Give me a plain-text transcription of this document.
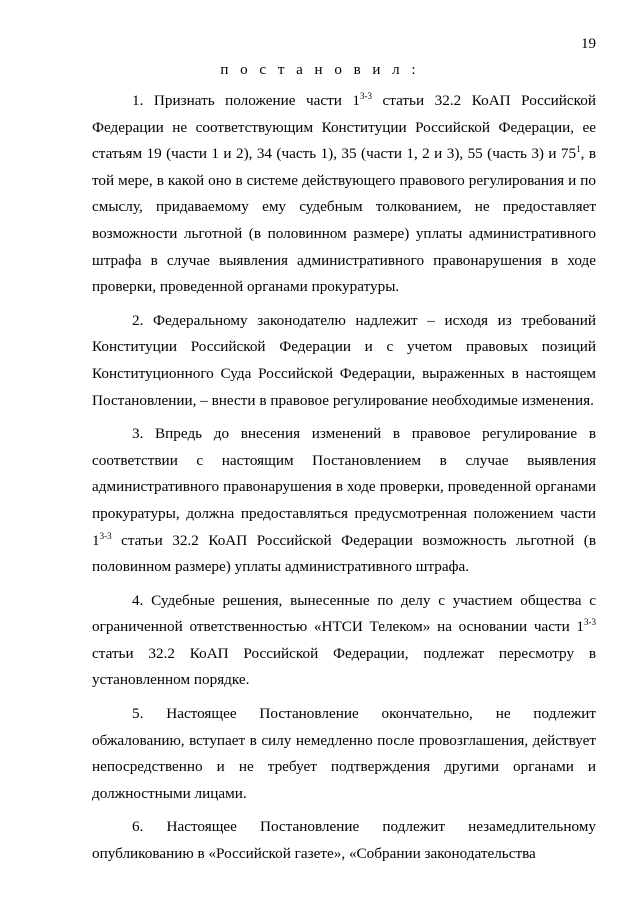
19
п о с т а н о в и л :

1. Признать положение части 1$^{3-3}$ статьи 32.2 КоАП Российской Федерации не соответствующим Конституции Российской Федерации, ее статьям 19 (части 1 и 2), 34 (часть 1), 35 (части 1, 2 и 3), 55 (часть 3) и $75^1$, в той мере, в какой оно в системе действующего правового регулирования и по смыслу, придаваемому ему судебным толкованием, не предоставляет возможности льготной (в половинном размере) уплаты административного штрафа в случае выявления административного правонарушения в ходе проверки, проведенной органами прокуратуры.

2. Федеральному законодателю надлежит – исходя из требований Конституции Российской Федерации и с учетом правовых позиций Конституционного Суда Российской Федерации, выраженных в настоящем Постановлении, – внести в правовое регулирование необходимые изменения.

3. Впредь до внесения изменений в правовое регулирование в соответствии с настоящим Постановлением в случае выявления административного правонарушения в ходе проверки, проведенной органами прокуратуры, должна предоставляться предусмотренная положением части 1$^{3-3}$ статьи 32.2 КоАП Российской Федерации возможность льготной (в половинном размере) уплаты административного штрафа.

4. Судебные решения, вынесенные по делу с участием общества с ограниченной ответственностью «НТСИ Телеком» на основании части 1$^{3-3}$ статьи 32.2 КоАП Российской Федерации, подлежат пересмотру в установленном порядке.

5. Настоящее Постановление окончательно, не подлежит обжалованию, вступает в силу немедленно после провозглашения, действует непосредственно и не требует подтверждения другими органами и должностными лицами.

6. Настоящее Постановление подлежит незамедлительному опубликованию в «Российской газете», «Собрании законодательства
